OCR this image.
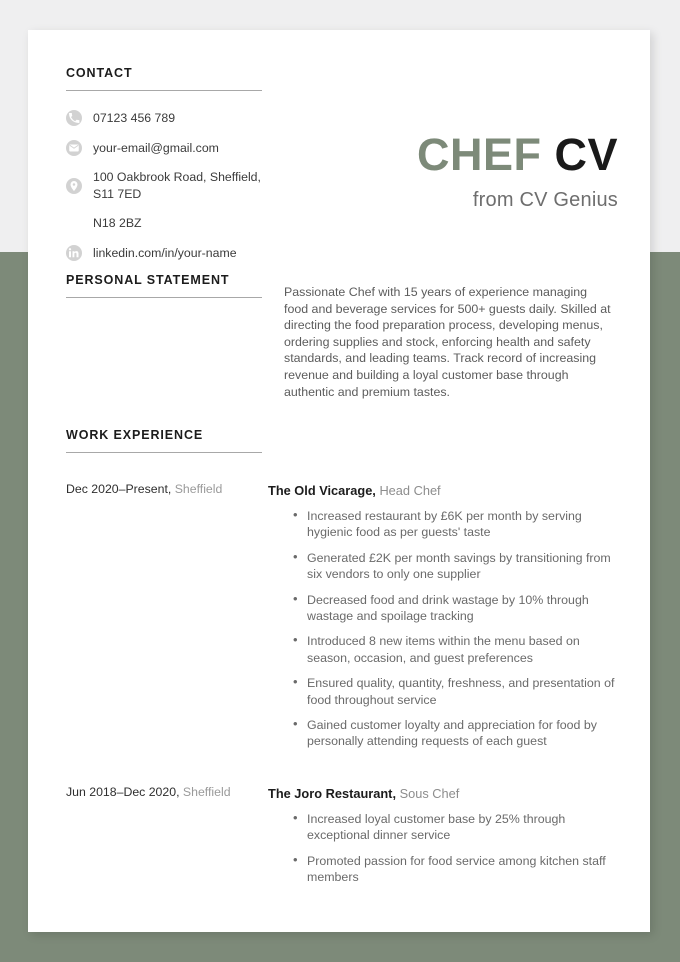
CONTACT
07123 456 789
your-email@gmail.com
100 Oakbrook Road, Sheffield, S11 7ED
N18 2BZ
linkedin.com/in/your-name
PERSONAL STATEMENT
WORK EXPERIENCE
Dec 2020–Present, Sheffield
Jun 2018–Dec 2020, Sheffield
CHEF CV
from CV Genius
Passionate Chef with 15 years of experience managing food and beverage services for 500+ guests daily. Skilled at directing the food preparation process, developing menus, ordering supplies and stock, enforcing health and safety standards, and leading teams. Track record of increasing revenue and building a loyal customer base through authentic and premium tastes.
The Old Vicarage, Head Chef
• Increased restaurant by £6K per month by serving hygienic food as per guests' taste
• Generated £2K per month savings by transitioning from six vendors to only one supplier
• Decreased food and drink wastage by 10% through wastage and spoilage tracking
• Introduced 8 new items within the menu based on season, occasion, and guest preferences
• Ensured quality, quantity, freshness, and presentation of food throughout service
• Gained customer loyalty and appreciation for food by personally attending requests of each guest
The Joro Restaurant, Sous Chef
• Increased loyal customer base by 25% through exceptional dinner service
• Promoted passion for food service among kitchen staff members
